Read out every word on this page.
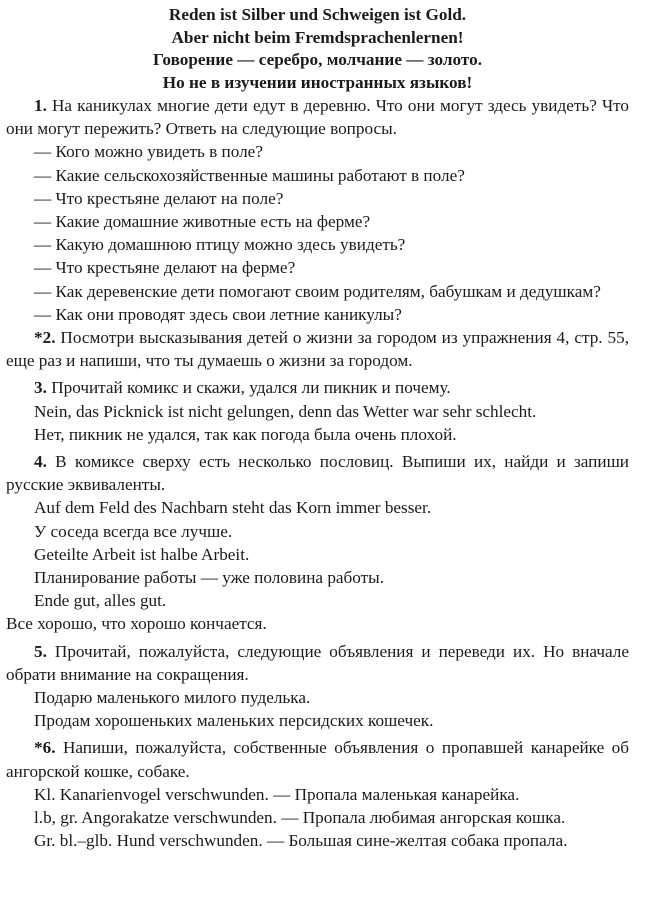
Reden ist Silber und Schweigen ist Gold.
Aber nicht beim Fremdsprachenlernen!
Говорение — серебро, молчание — золото.
Но не в изучении иностранных языков!

1. На каникулах многие дети едут в деревню. Что они могут здесь увидеть? Что они могут пережить? Ответь на следующие вопросы.

— Кого можно увидеть в поле?

— Какие сельскохозяйственные машины работают в поле?

— Что крестьяне делают на поле?

— Какие домашние животные есть на ферме?

— Какую домашнюю птицу можно здесь увидеть?

— Что крестьяне делают на ферме?

— Как деревенские дети помогают своим родителям, бабушкам и дедушкам?

— Как они проводят здесь свои летние каникулы?

*2. Посмотри высказывания детей о жизни за городом из упражнения 4, стр. 55, еще раз и напиши, что ты думаешь о жизни за городом.

3. Прочитай комикс и скажи, удался ли пикник и почему.

Nein, das Picknick ist nicht gelungen, denn das Wetter war sehr schlecht.

Нет, пикник не удался, так как погода была очень плохой.

4. В комиксе сверху есть несколько пословиц. Выпиши их, найди и запиши русские эквиваленты.

Auf dem Feld des Nachbarn steht das Korn immer besser.

У соседа всегда все лучше.

Geteilte Arbeit ist halbe Arbeit.

Планирование работы — уже половина работы.

Ende gut, alles gut.

Все хорошо, что хорошо кончается.

5. Прочитай, пожалуйста, следующие объявления и переведи их. Но вначале обрати внимание на сокращения.

Подарю маленького милого пуделька.

Продам хорошеньких маленьких персидских кошечек.

*6. Напиши, пожалуйста, собственные объявления о пропавшей канарейке об ангорской кошке, собаке.

Kl. Kanarienvogel verschwunden. — Пропала маленькая канарейка.

l.b, gr. Angorakatze verschwunden. — Пропала любимая ангорская кошка.

Gr. bl.–glb. Hund verschwunden. — Большая сине-желтая собака пропала.
